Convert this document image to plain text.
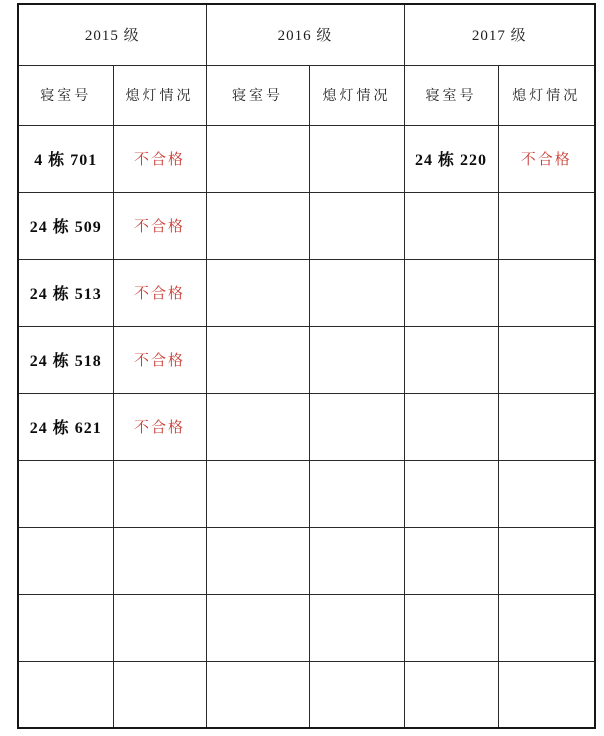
2015 级		2016 级		2017 级	
寝室号	熄灯情况	寝室号	熄灯情况	寝室号	熄灯情况
4 栋 701	不合格			24 栋 220	不合格
24 栋 509	不合格				
24 栋 513	不合格				
24 栋 518	不合格				
24 栋 621	不合格				
